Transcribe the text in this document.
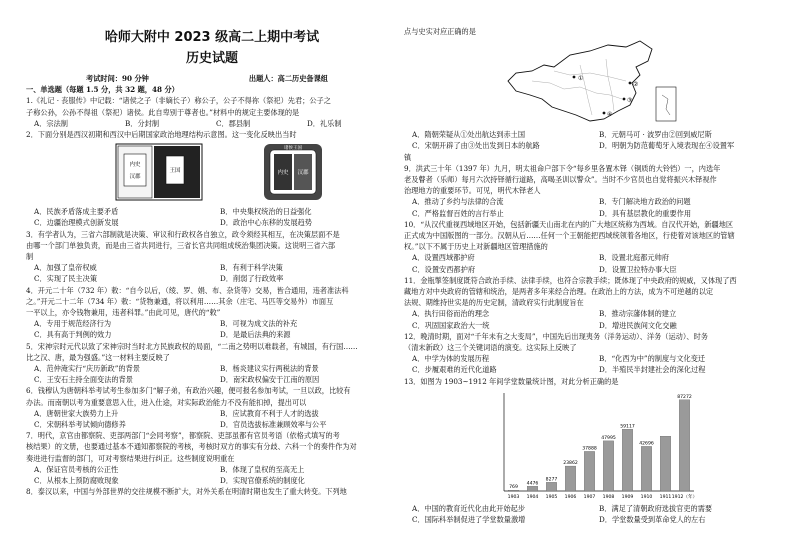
哈师大附中 2023 级高二上期中考试
历史试题
考试时间：90 分钟	出题人：高二历史备课组
一、单选题（每题 1.5 分，共 32 题，48 分）
1.《礼记 · 丧服传》中记载：“诸侯之子（非嫡长子）称公子，公子不得祢（祭祀）先君；公子之
子称公孙，公孙不得祖（祭祀）诸侯。此自卑别于尊者也。”材料中的规定主要体现的是
A．宗法制	B．分封制	C．郡县制	D．礼乐制
2．下面分别是西汉初期和西汉中后期国家政治地理结构示意图。这一变化反映出当时
内史
汉郡
王国	内史 汉郡
诸侯王国
A．民族矛盾落成主要矛盾	B．中央集权统治的日益强化
C．边疆治理模式创新发展	D．政治中心东移的发展趋势
3．有学者认为，三省六部制就是决策、审议和行政权各自独立，政令须经其相互，在决策层面不是
由哪一个部门单独负责，而是由三省共同进行，三省长官共同组成统治集团决策。这说明三省六部
制
A．加强了皇帝权威	B．有利于科学决策
C．实现了民主决策	D．削弱了行政效率
4．开元二十年（732 年）敕：“自今以后，（绫、罗、娟、布、杂货等）交易，皆合通用，违者准法科
之。”开元二十二年（734 年）敕：“货物兼通，将以利用……其余（庄宅、马匹等交易外）市面互
一平以上，亦令钱物兼用，违者科罪。”由此可见，唐代的“敕”
A．专用于规范经济行为	B．可视为成文法的补充
C．具有高于判例的效力	D．是最后法典的来源
5．宋神宗时元代以致了宋神宗时当时北方民族政权的局面，“二南之势明以难载者，有城国，有行国……
比之汉、唐，最为强盛。”这一材料主要反映了
A．范仲淹实行“庆历新政”的背景	B．杨炎建议实行两税法的背景
C．王安石主持全面变法的背景	D．南宋政权偏安于江南的原因
6．钱穆认为唐朝科举考试考生参加多门“解子弟，有政治兴趣，便可报名参加考试，一旦以政，比较有
办法。而南朝以考为重要意思入仕，进入仕途，对实际政治能力不没有能扣掉，提出可以
A．唐朝世家大族势力上升	B．应试教育不利于人才的选拔
C．宋朝科举考试倾向德修养	D．官员选拔标准兼顾效率与公平
7．明代，京官由都察院、吏部两部门“会同考察”，都察院、吏部虽都有官员考语（依格式填写的考
核结果）的文册，也要通过基本不通知都察院的考核，考核时双方的事实有分歧、六科一个的奏件作为对
奏进进行监督的部门，可对考察结果进行纠正。这些制度说明重在
A．保证官员考核的公正性	B．体现了皇权的至高无上
C．从根本上预防腐败现象	D．实现官僚系统的制度化
8．泰汉以来，中国与外部世界的交往规模不断扩大，对外关系在明清时期也发生了重大转变。下列地
点与史实对应正确的是
①
②
③
④
A．隋朝荣疑从①处出航达到赤土国	B．元朝马可 · 波罗由②回到威尼斯
C．宋朝开辟了由③处出发到日本的航路	D．明朝为防范葡萄牙入境表现在④设置军
镇
9．洪武三十年（1397 年）九月，明太祖命户部下令“每乡里各置木铎（铜质的大铃铛）一，内选年
老及瞽者（乐师）每月六次持铎循行道路，高喝圣训以警众”。当时不少官员也自觉将振兴木铎视作
治理地方的重要环节。可见，明代木铎老人
A．推动了乡约与法律的合流	B．专门解决地方政治的问题
C．严格监督百姓的言行举止	D．具有基层教化的重要作用
10．“从汉代重视西域地区开始，包括新疆天山南北在内的广大地区统称为西域。自汉代开始，新疆地区
正式成为中国版图的一部分。汉朝从后……任何一个王朝能把西域统领着各地区，行使着对该地区的管辖
权。”以下不属于历史上对新疆地区管理措施的
A．设置西域都护府	B．设置北庭都元帅府
C．设置安西都护府	D．设置卫拉特办事大臣
11．金瓶掣签制度既符合政治手续、法律手续，也符合宗教手续；既体现了中央政府的规威，又体现了西
藏地方对中央政府的管辖和统治，是两者多年来经合治理。在政治上的方法，成为不可逆越的以定
法规、期维持世实是的历史定制，清政府实行此制度旨在
A．执行田俗而治的理念	B．推动宗藩体制的建立
C．巩固国家政治大一统	D．增进民族间文化交融
12．晚清时期，面对“千年未有之大变局”，中国先后出现夷务（洋务运动）、洋务（运动）、时务
（清末新政）这三个关键词语的演变。这实际上反映了
A．中学为体的发展历程	B．“化西为中”的制度与文化变迁
C．步履艰难的近代化道路	D．半殖民半封建社会的深化过程
13．如图为 1903~1912 年间学堂数量统计图，对此分析正确的是
769
1903
4476
1904
8277
1905
23862
1906
37888
1907
47995
1908
59117
1909
42696
1910 1911
87272
1912（年）
A．中国的教育近代化由此开始起步	B．满足了清朝政府选拔官吏的需要
C．国际科举制促进了学堂数量激增	D．学堂数量受到革命党人的左右
